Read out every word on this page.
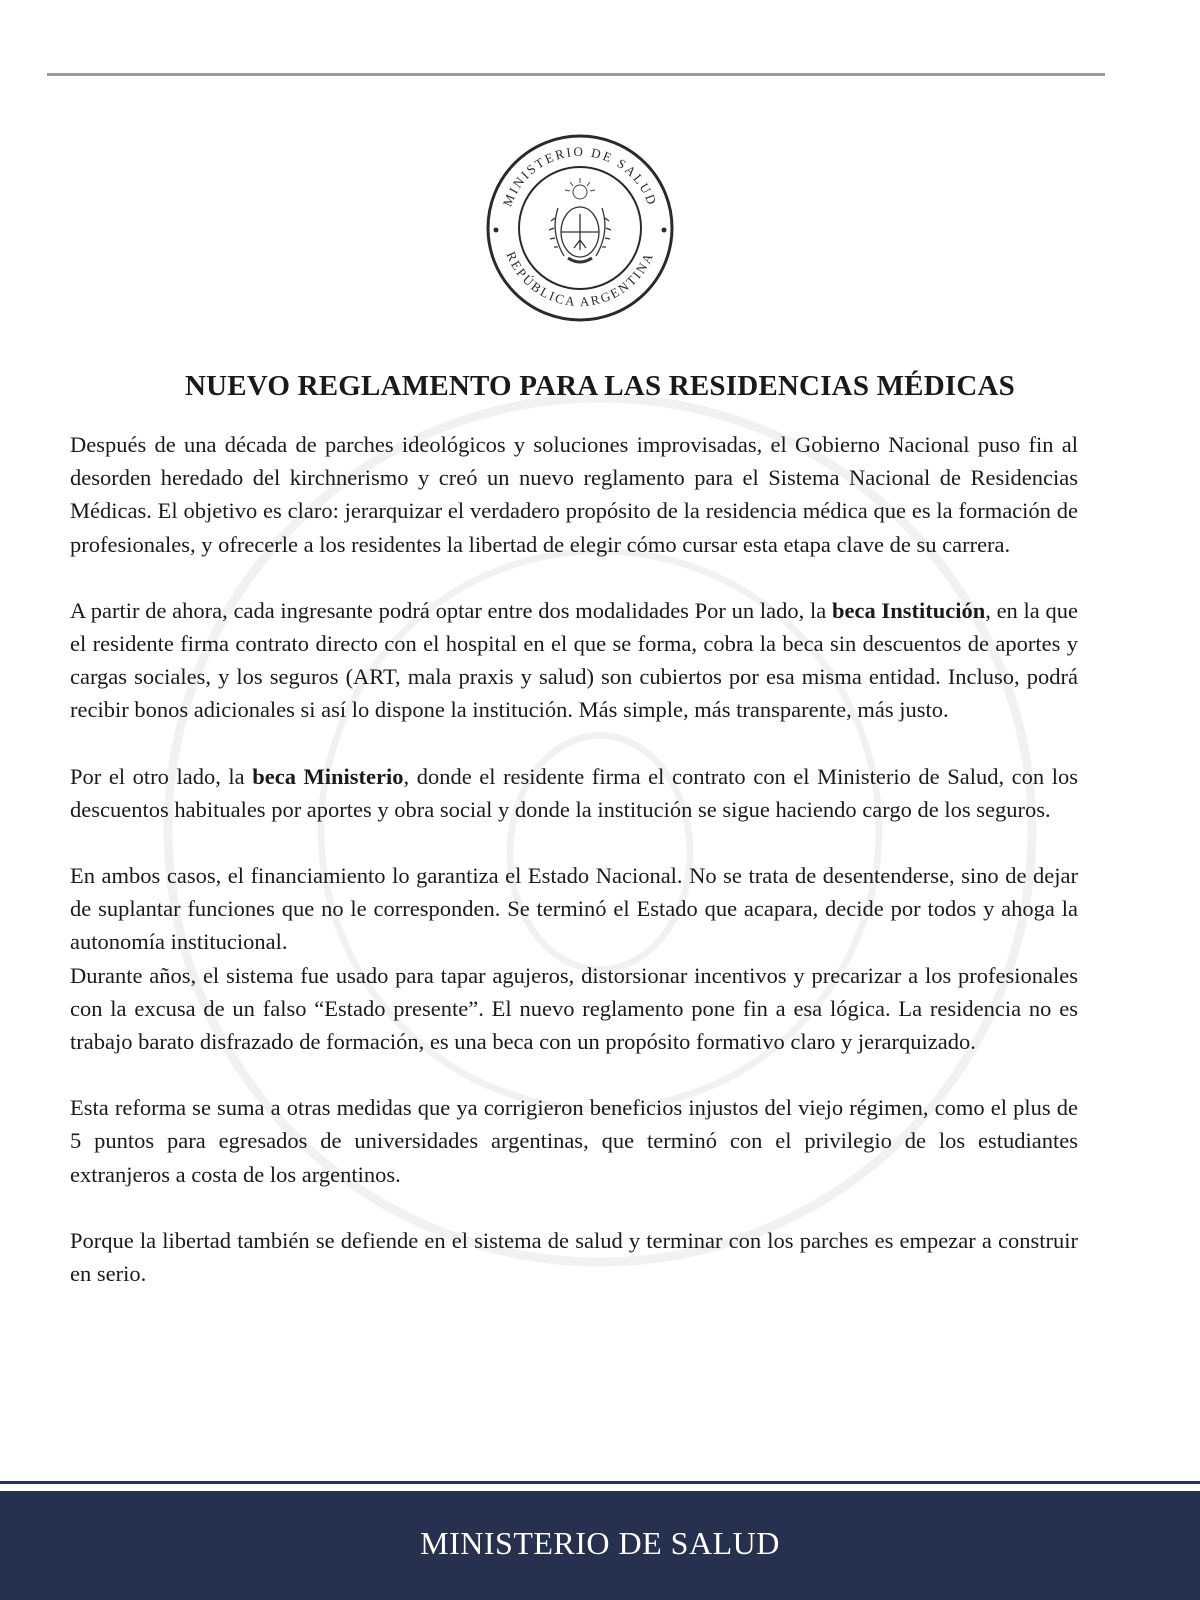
MINISTERIO DE SALUD
REPÚBLICA ARGENTINA
NUEVO REGLAMENTO PARA LAS RESIDENCIAS MÉDICAS

Después de una década de parches ideológicos y soluciones improvisadas, el Gobierno Nacional puso fin al desorden heredado del kirchnerismo y creó un nuevo reglamento para el Sistema Nacional de Residencias Médicas. El objetivo es claro: jerarquizar el verdadero propósito de la residencia médica que es la formación de profesionales, y ofrecerle a los residentes la libertad de elegir cómo cursar esta etapa clave de su carrera.

A partir de ahora, cada ingresante podrá optar entre dos modalidades Por un lado, la beca Institución, en la que el residente firma contrato directo con el hospital en el que se forma, cobra la beca sin descuentos de aportes y cargas sociales, y los seguros (ART, mala praxis y salud) son cubiertos por esa misma entidad. Incluso, podrá recibir bonos adicionales si así lo dispone la institución. Más simple, más transparente, más justo.

Por el otro lado, la beca Ministerio, donde el residente firma el contrato con el Ministerio de Salud, con los descuentos habituales por aportes y obra social y donde la institución se sigue haciendo cargo de los seguros.

En ambos casos, el financiamiento lo garantiza el Estado Nacional. No se trata de desentenderse, sino de dejar de suplantar funciones que no le corresponden. Se terminó el Estado que acapara, decide por todos y ahoga la autonomía institucional.

Durante años, el sistema fue usado para tapar agujeros, distorsionar incentivos y precarizar a los profesionales con la excusa de un falso “Estado presente”. El nuevo reglamento pone fin a esa lógica. La residencia no es trabajo barato disfrazado de formación, es una beca con un propósito formativo claro y jerarquizado.

Esta reforma se suma a otras medidas que ya corrigieron beneficios injustos del viejo régimen, como el plus de 5 puntos para egresados de universidades argentinas, que terminó con el privilegio de los estudiantes extranjeros a costa de los argentinos.

Porque la libertad también se defiende en el sistema de salud y terminar con los parches es empezar a construir en serio.

MINISTERIO DE SALUD
